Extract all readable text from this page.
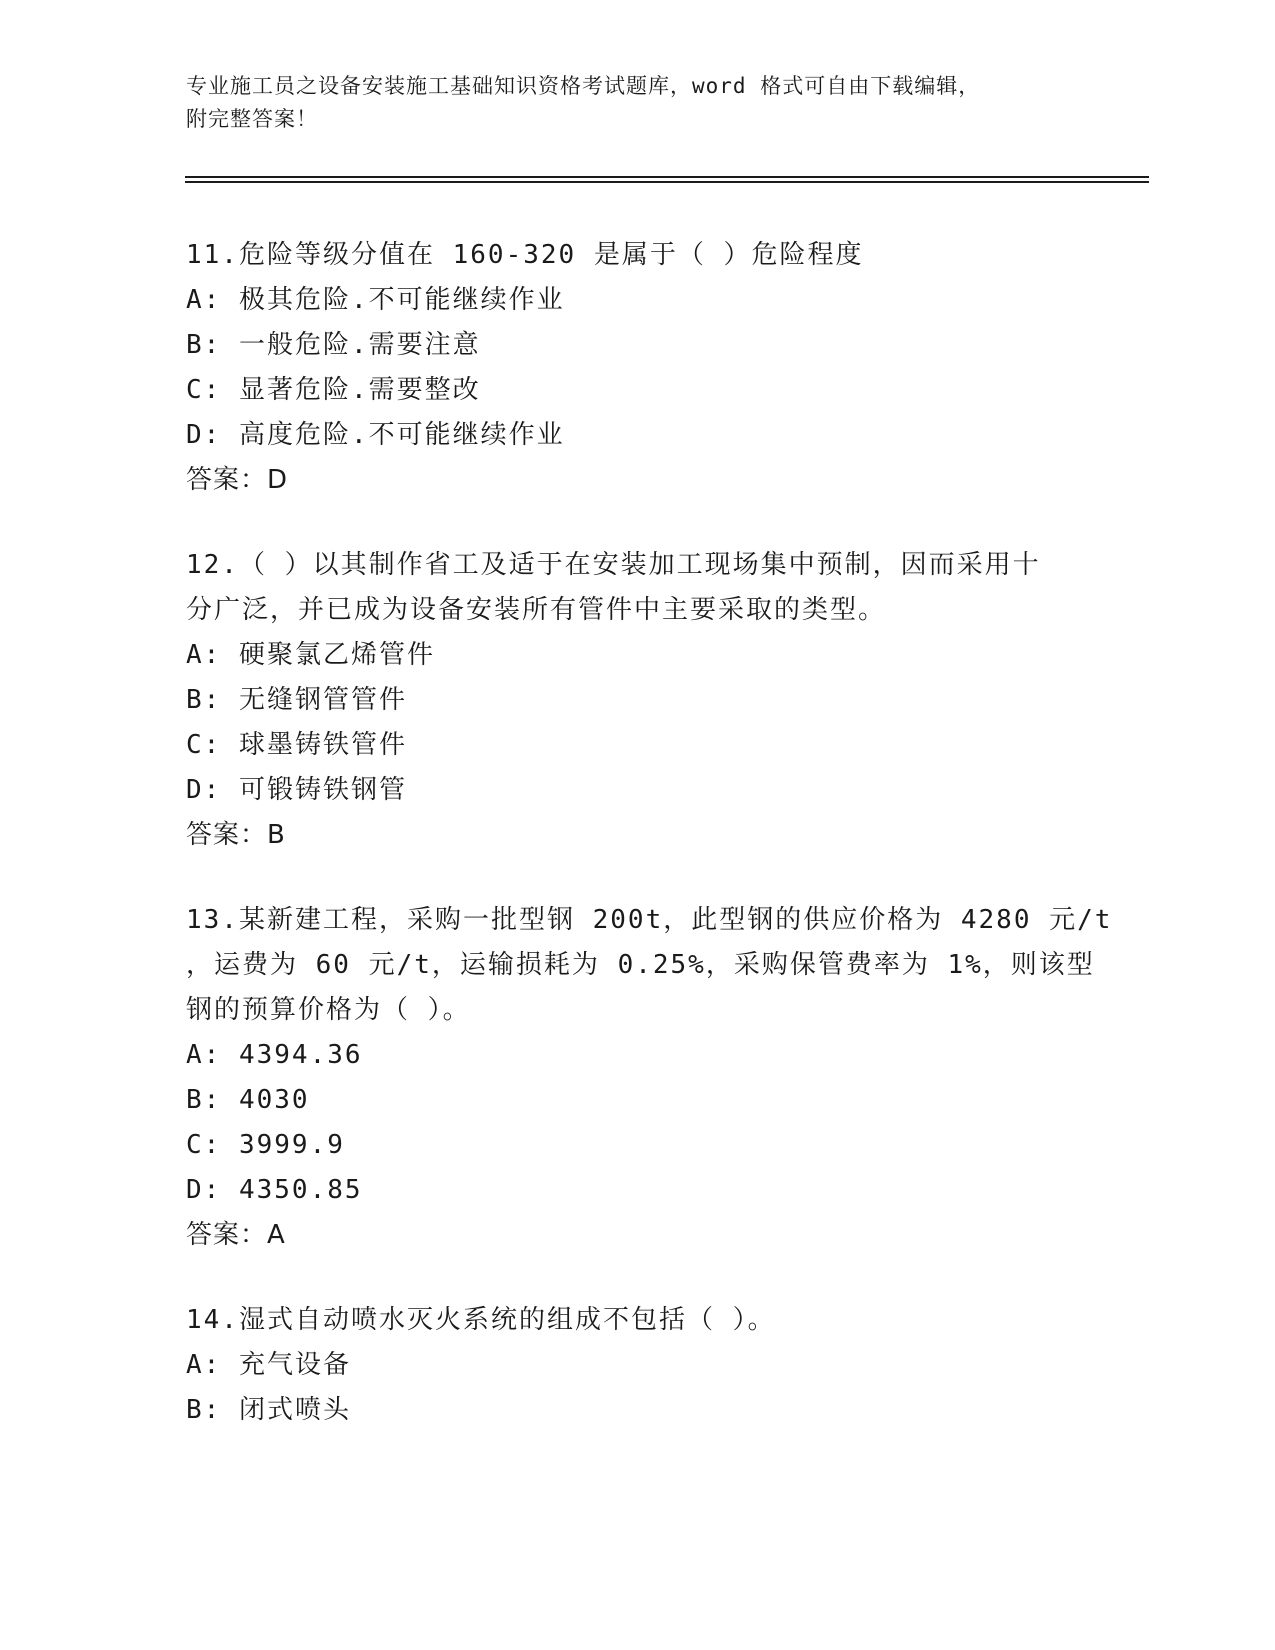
专业施工员之设备安装施工基础知识资格考试题库，word 格式可自由下载编辑，

附完整答案！

11.危险等级分值在 160-320 是属于（ ）危险程度

A: 极其危险.不可能继续作业

B: 一般危险.需要注意

C: 显著危险.需要整改

D: 高度危险.不可能继续作业

答案：D

12.（ ）以其制作省工及适于在安装加工现场集中预制，因而采用十

分广泛，并已成为设备安装所有管件中主要采取的类型。

A: 硬聚氯乙烯管件

B: 无缝钢管管件

C: 球墨铸铁管件

D: 可锻铸铁钢管

答案：B

13.某新建工程，采购一批型钢 200t，此型钢的供应价格为 4280 元/t

，运费为 60 元/t，运输损耗为 0.25%，采购保管费率为 1%，则该型

钢的预算价格为（ ）。

A: 4394.36

B: 4030

C: 3999.9

D: 4350.85

答案：A

14.湿式自动喷水灭火系统的组成不包括（ ）。

A: 充气设备

B: 闭式喷头
